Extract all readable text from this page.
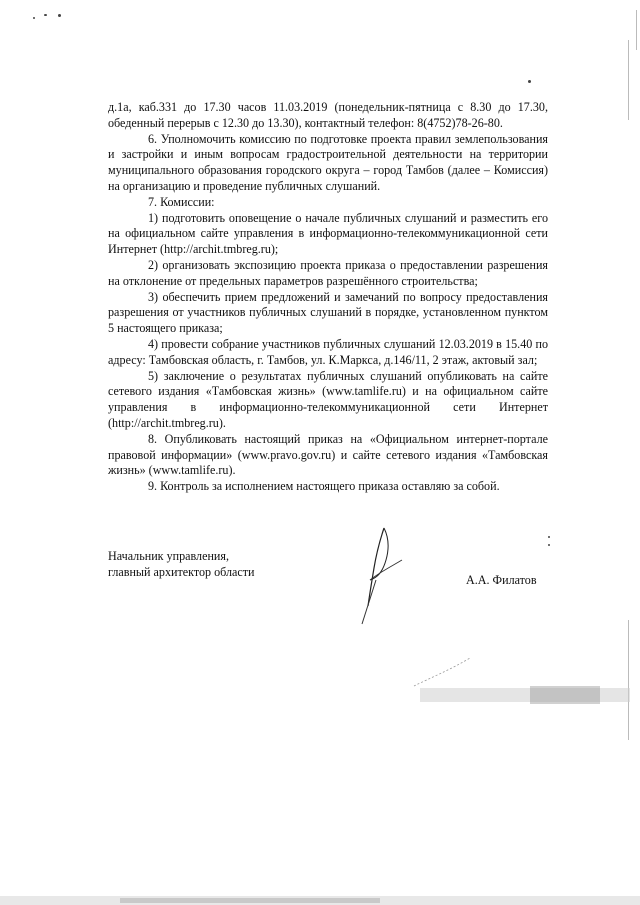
д.1а, каб.331 до 17.30 часов 11.03.2019 (понедельник-пятница с 8.30 до 17.30, обеденный перерыв с 12.30 до 13.30), контактный телефон: 8(4752)78-26-80.

6. Уполномочить комиссию по подготовке проекта правил землепользования и застройки и иным вопросам градостроительной деятельности на территории муниципального образования городского округа – город Тамбов (далее – Комиссия) на организацию и проведение публичных слушаний.

7. Комиссии:

1) подготовить оповещение о начале публичных слушаний и разместить его на официальном сайте управления в информационно-телекоммуникационной сети Интернет (http://archit.tmbreg.ru);

2) организовать экспозицию проекта приказа о предоставлении разрешения на отклонение от предельных параметров разрешённого строительства;

3) обеспечить прием предложений и замечаний по вопросу предоставления разрешения от участников публичных слушаний в порядке, установленном пунктом 5 настоящего приказа;

4) провести собрание участников публичных слушаний 12.03.2019 в 15.40 по адресу: Тамбовская область, г. Тамбов, ул. К.Маркса, д.146/11, 2 этаж, актовый зал;

5) заключение о результатах публичных слушаний опубликовать на сайте сетевого издания «Тамбовская жизнь» (www.tamlife.ru) и на официальном сайте управления в информационно-телекоммуникационной сети Интернет (http://archit.tmbreg.ru).

8. Опубликовать настоящий приказ на «Официальном интернет-портале правовой информации» (www.pravo.gov.ru) и сайте сетевого издания «Тамбовская жизнь» (www.tamlife.ru).

9. Контроль за исполнением настоящего приказа оставляю за собой.

Начальник управления,
главный архитектор области
А.А. Филатов
